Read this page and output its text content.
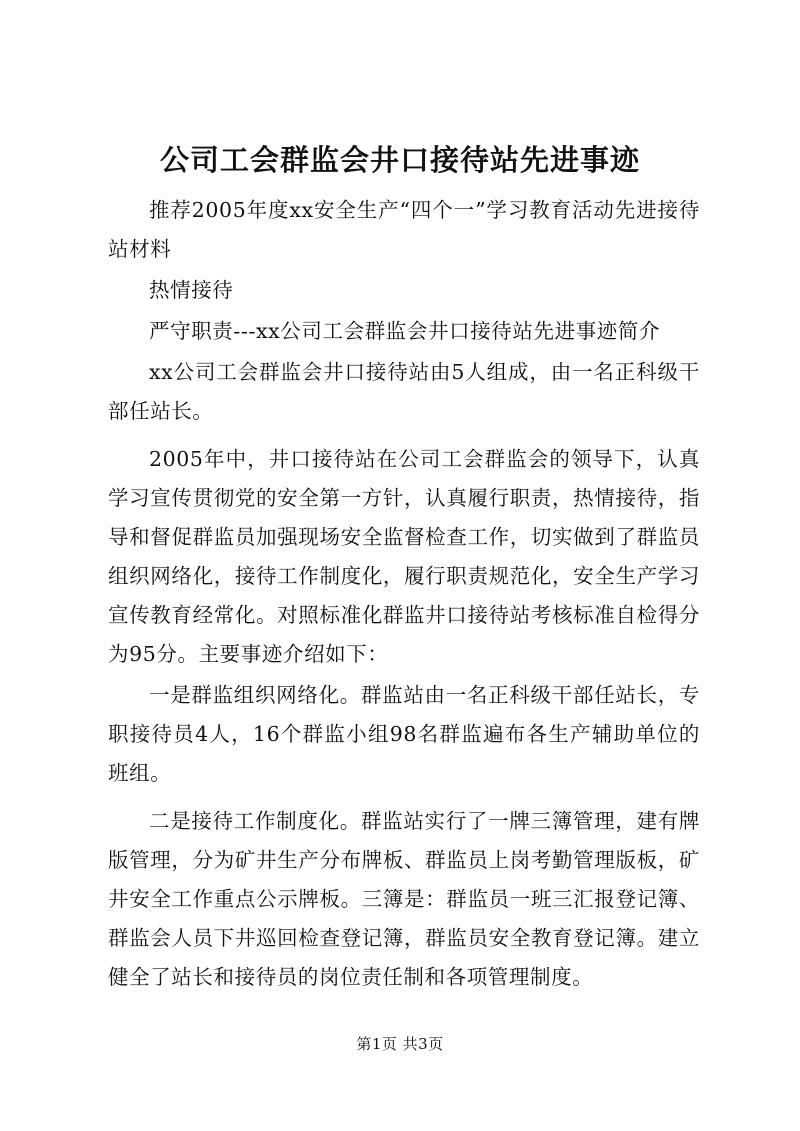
公司工会群监会井口接待站先进事迹

推荐2005年度xx安全生产“四个一”学习教育活动先进接待站材料

热情接待

严守职责---xx公司工会群监会井口接待站先进事迹简介

xx公司工会群监会井口接待站由5人组成，由一名正科级干部任站长。

2005年中，井口接待站在公司工会群监会的领导下，认真学习宣传贯彻党的安全第一方针，认真履行职责，热情接待，指导和督促群监员加强现场安全监督检查工作，切实做到了群监员组织网络化，接待工作制度化，履行职责规范化，安全生产学习宣传教育经常化。对照标准化群监井口接待站考核标准自检得分为95分。主要事迹介绍如下：

一是群监组织网络化。群监站由一名正科级干部任站长，专职接待员4人，16个群监小组98名群监遍布各生产辅助单位的班组。

二是接待工作制度化。群监站实行了一牌三簿管理，建有牌版管理，分为矿井生产分布牌板、群监员上岗考勤管理版板，矿井安全工作重点公示牌板。三簿是：群监员一班三汇报登记簿、群监会人员下井巡回检查登记簿，群监员安全教育登记簿。建立健全了站长和接待员的岗位责任制和各项管理制度。

第1页 共3页
